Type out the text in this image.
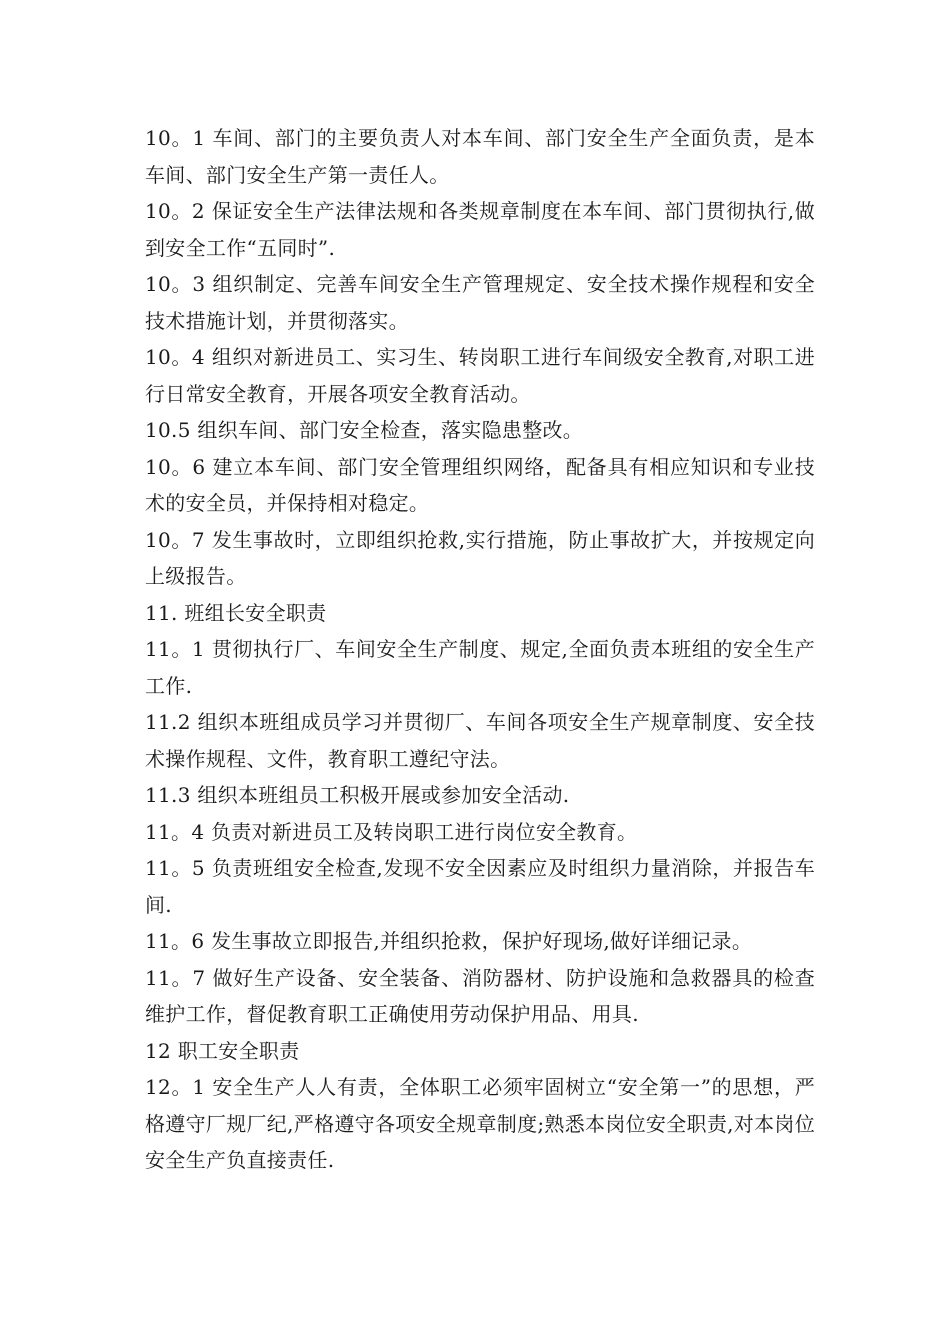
10。1 车间、部门的主要负责人对本车间、部门安全生产全面负责，是本车间、部门安全生产第一责任人。

10。2 保证安全生产法律法规和各类规章制度在本车间、部门贯彻执行,做到安全工作“五同时”.

10。3 组织制定、完善车间安全生产管理规定、安全技术操作规程和安全技术措施计划，并贯彻落实。

10。4 组织对新进员工、实习生、转岗职工进行车间级安全教育,对职工进行日常安全教育，开展各项安全教育活动。

10.5 组织车间、部门安全检查，落实隐患整改。

10。6 建立本车间、部门安全管理组织网络，配备具有相应知识和专业技术的安全员，并保持相对稳定。

10。7 发生事故时，立即组织抢救,实行措施，防止事故扩大，并按规定向上级报告。

11. 班组长安全职责

11。1 贯彻执行厂、车间安全生产制度、规定,全面负责本班组的安全生产工作.

11.2 组织本班组成员学习并贯彻厂、车间各项安全生产规章制度、安全技术操作规程、文件，教育职工遵纪守法。

11.3 组织本班组员工积极开展或参加安全活动.

11。4 负责对新进员工及转岗职工进行岗位安全教育。

11。5 负责班组安全检查,发现不安全因素应及时组织力量消除，并报告车间.

11。6 发生事故立即报告,并组织抢救，保护好现场,做好详细记录。

11。7 做好生产设备、安全装备、消防器材、防护设施和急救器具的检查维护工作，督促教育职工正确使用劳动保护用品、用具.

12 职工安全职责

12。1 安全生产人人有责，全体职工必须牢固树立“安全第一”的思想，严格遵守厂规厂纪,严格遵守各项安全规章制度;熟悉本岗位安全职责,对本岗位安全生产负直接责任.
